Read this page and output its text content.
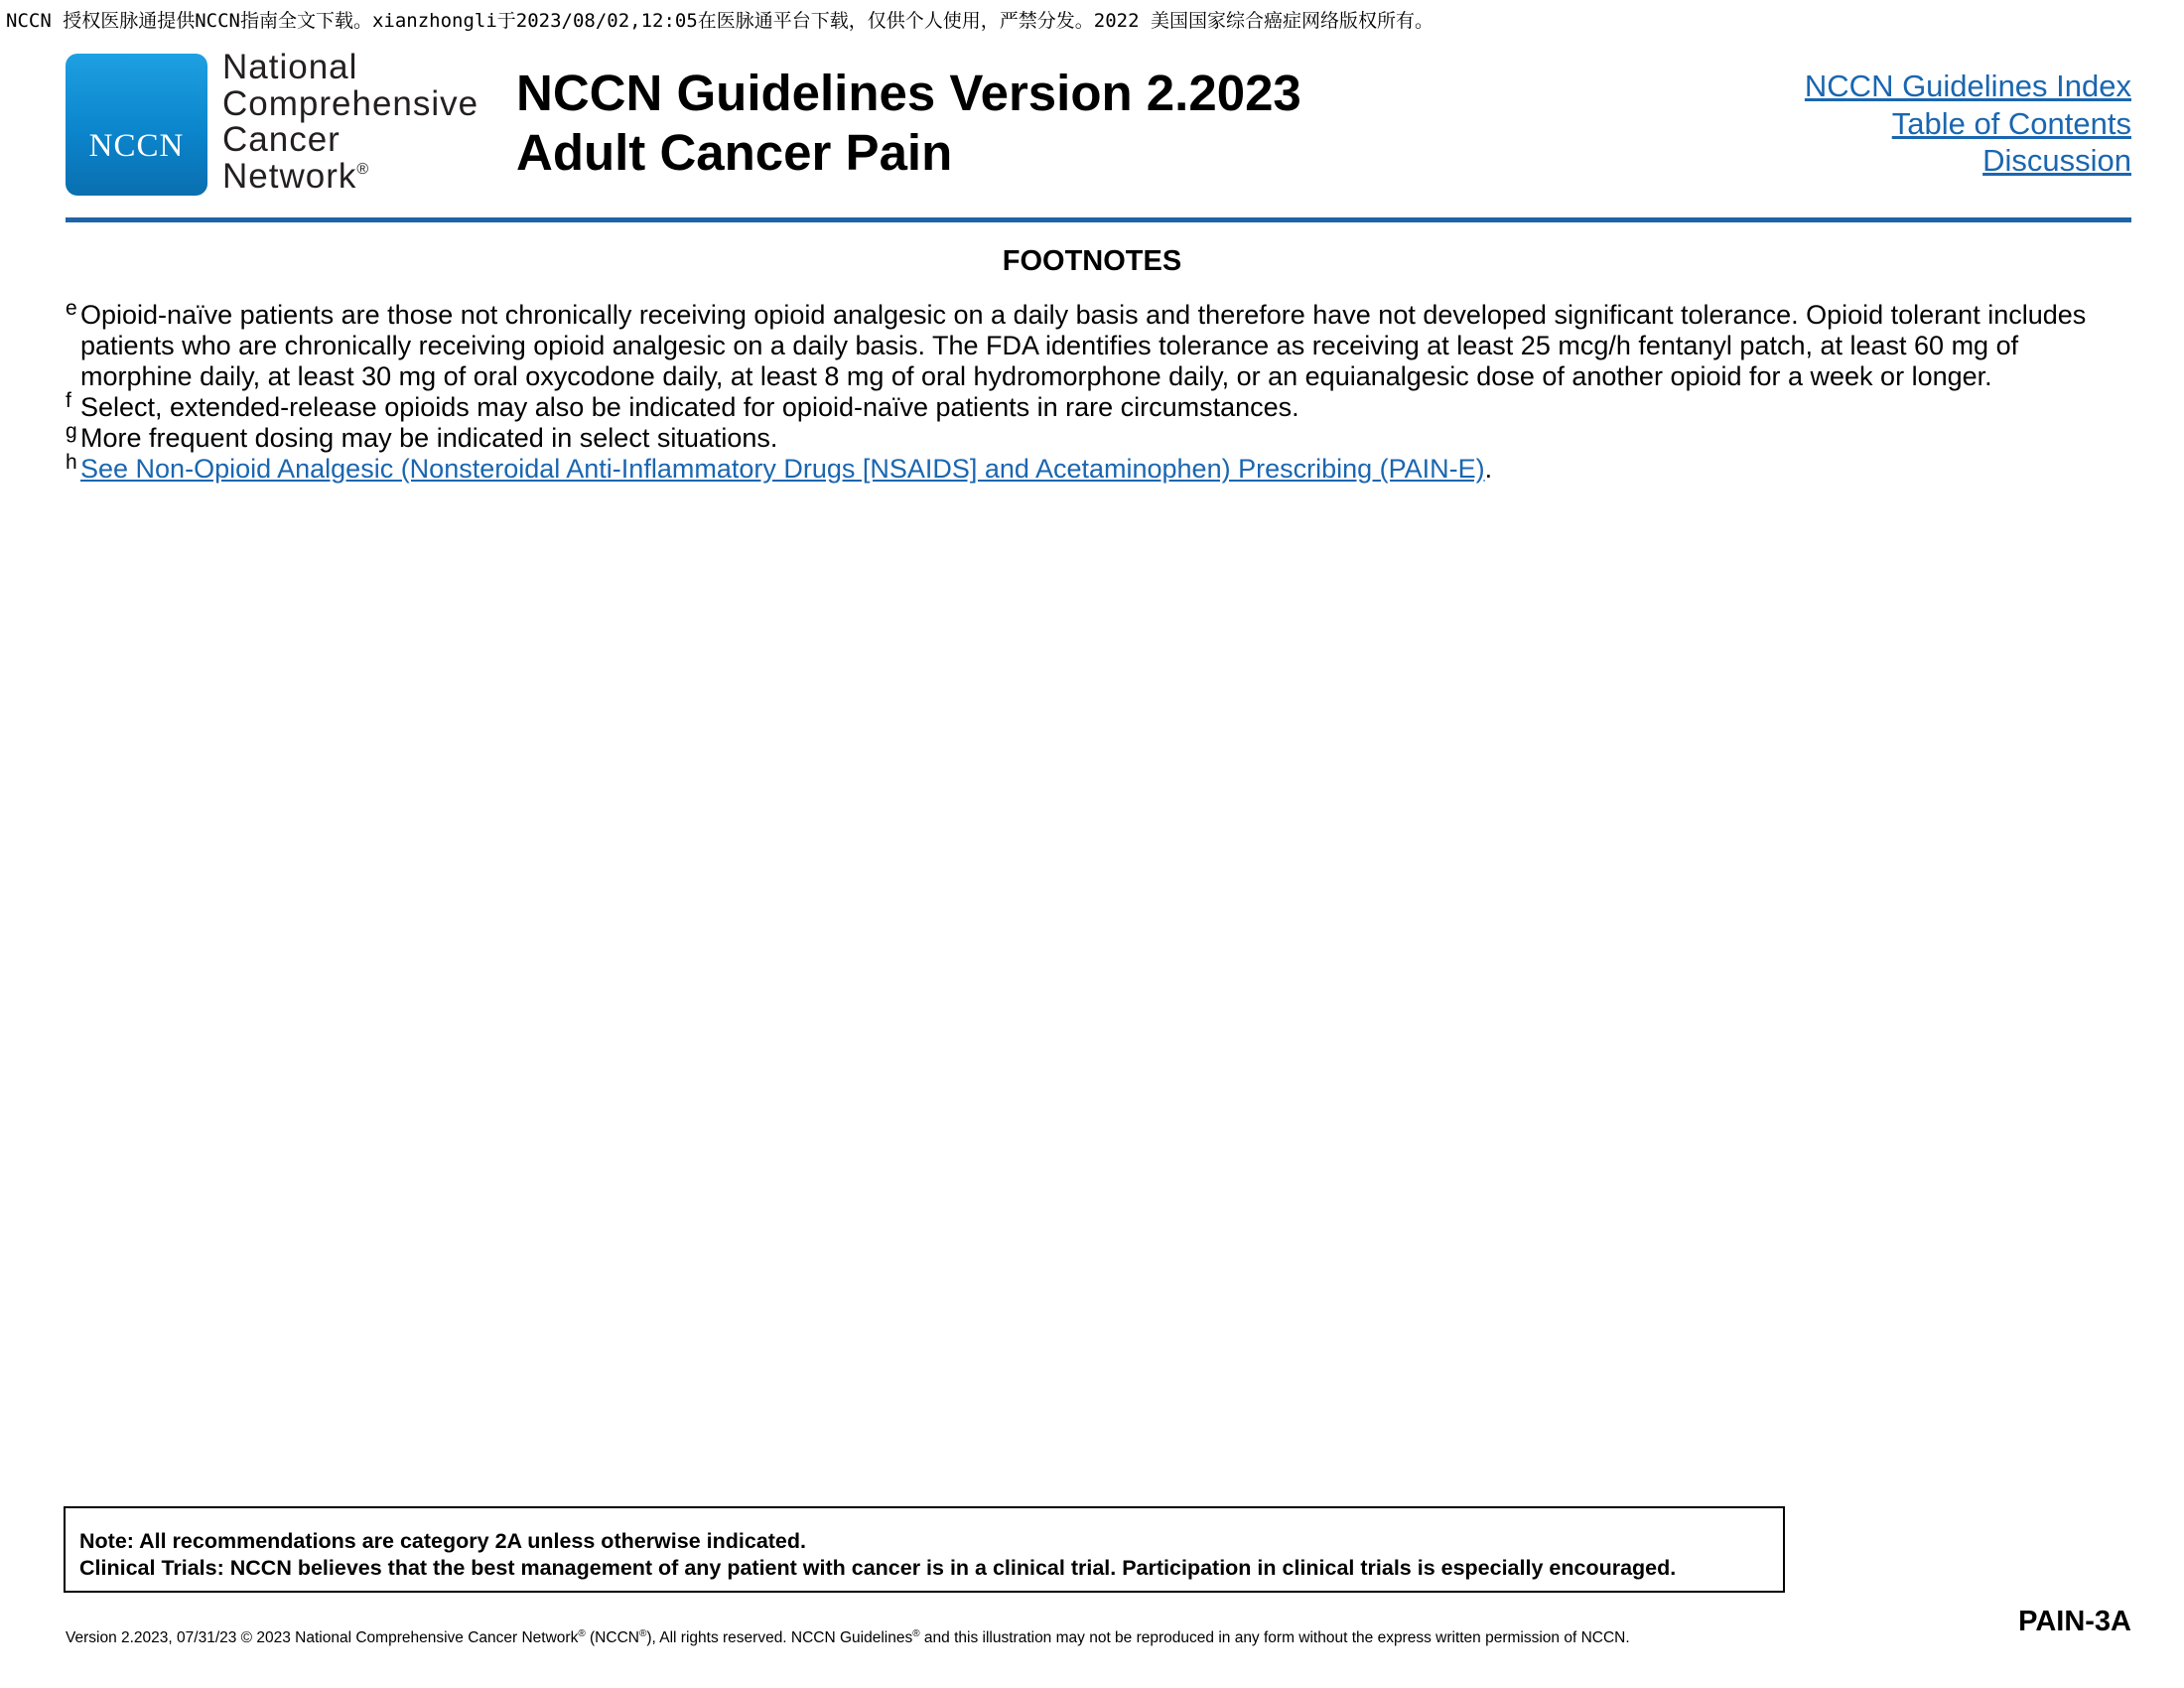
NCCN 授权医脉通提供NCCN指南全文下载。xianzhongli于2023/08/02,12:05在医脉通平台下载，仅供个人使用，严禁分发。2022 美国国家综合癌症网络版权所有。
NCCN
National
Comprehensive
Cancer
Network®
NCCN Guidelines Version 2.2023
Adult Cancer Pain
NCCN Guidelines Index
Table of Contents
Discussion
FOOTNOTES
e Opioid-naïve patients are those not chronically receiving opioid analgesic on a daily basis and therefore have not developed significant tolerance. Opioid tolerant includes patients who are chronically receiving opioid analgesic on a daily basis. The FDA identifies tolerance as receiving at least 25 mcg/h fentanyl patch, at least 60 mg of morphine daily, at least 30 mg of oral oxycodone daily, at least 8 mg of oral hydromorphone daily, or an equianalgesic dose of another opioid for a week or longer.
f Select, extended-release opioids may also be indicated for opioid-naïve patients in rare circumstances.
g More frequent dosing may be indicated in select situations.
h See Non-Opioid Analgesic (Nonsteroidal Anti-Inflammatory Drugs [NSAIDS] and Acetaminophen) Prescribing (PAIN-E).
Note: All recommendations are category 2A unless otherwise indicated.
Clinical Trials: NCCN believes that the best management of any patient with cancer is in a clinical trial. Participation in clinical trials is especially encouraged.
PAIN-3A
Version 2.2023, 07/31/23 © 2023 National Comprehensive Cancer Network® (NCCN®), All rights reserved. NCCN Guidelines® and this illustration may not be reproduced in any form without the express written permission of NCCN.
